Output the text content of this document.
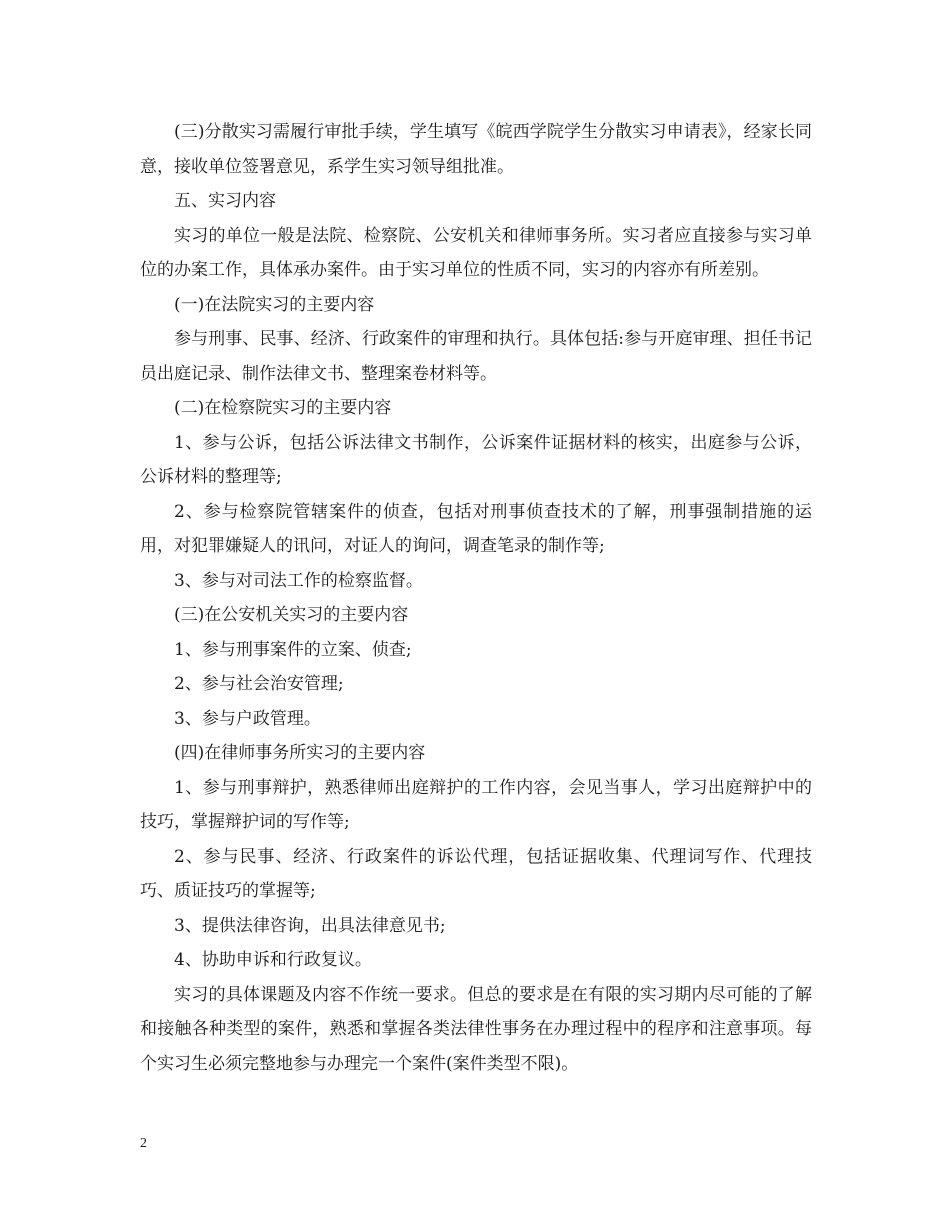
(三)分散实习需履行审批手续，学生填写《皖西学院学生分散实习申请表》，经家长同意，接收单位签署意见，系学生实习领导组批准。

五、实习内容

实习的单位一般是法院、检察院、公安机关和律师事务所。实习者应直接参与实习单位的办案工作，具体承办案件。由于实习单位的性质不同，实习的内容亦有所差别。

(一)在法院实习的主要内容

参与刑事、民事、经济、行政案件的审理和执行。具体包括:参与开庭审理、担任书记员出庭记录、制作法律文书、整理案卷材料等。

(二)在检察院实习的主要内容

1、参与公诉，包括公诉法律文书制作，公诉案件证据材料的核实，出庭参与公诉，公诉材料的整理等;

2、参与检察院管辖案件的侦查，包括对刑事侦查技术的了解，刑事强制措施的运用，对犯罪嫌疑人的讯问，对证人的询问，调查笔录的制作等;

3、参与对司法工作的检察监督。

(三)在公安机关实习的主要内容

1、参与刑事案件的立案、侦查;

2、参与社会治安管理;

3、参与户政管理。

(四)在律师事务所实习的主要内容

1、参与刑事辩护，熟悉律师出庭辩护的工作内容，会见当事人，学习出庭辩护中的技巧，掌握辩护词的写作等;

2、参与民事、经济、行政案件的诉讼代理，包括证据收集、代理词写作、代理技巧、质证技巧的掌握等;

3、提供法律咨询，出具法律意见书;

4、协助申诉和行政复议。

实习的具体课题及内容不作统一要求。但总的要求是在有限的实习期内尽可能的了解和接触各种类型的案件，熟悉和掌握各类法律性事务在办理过程中的程序和注意事项。每个实习生必须完整地参与办理完一个案件(案件类型不限)。

2
